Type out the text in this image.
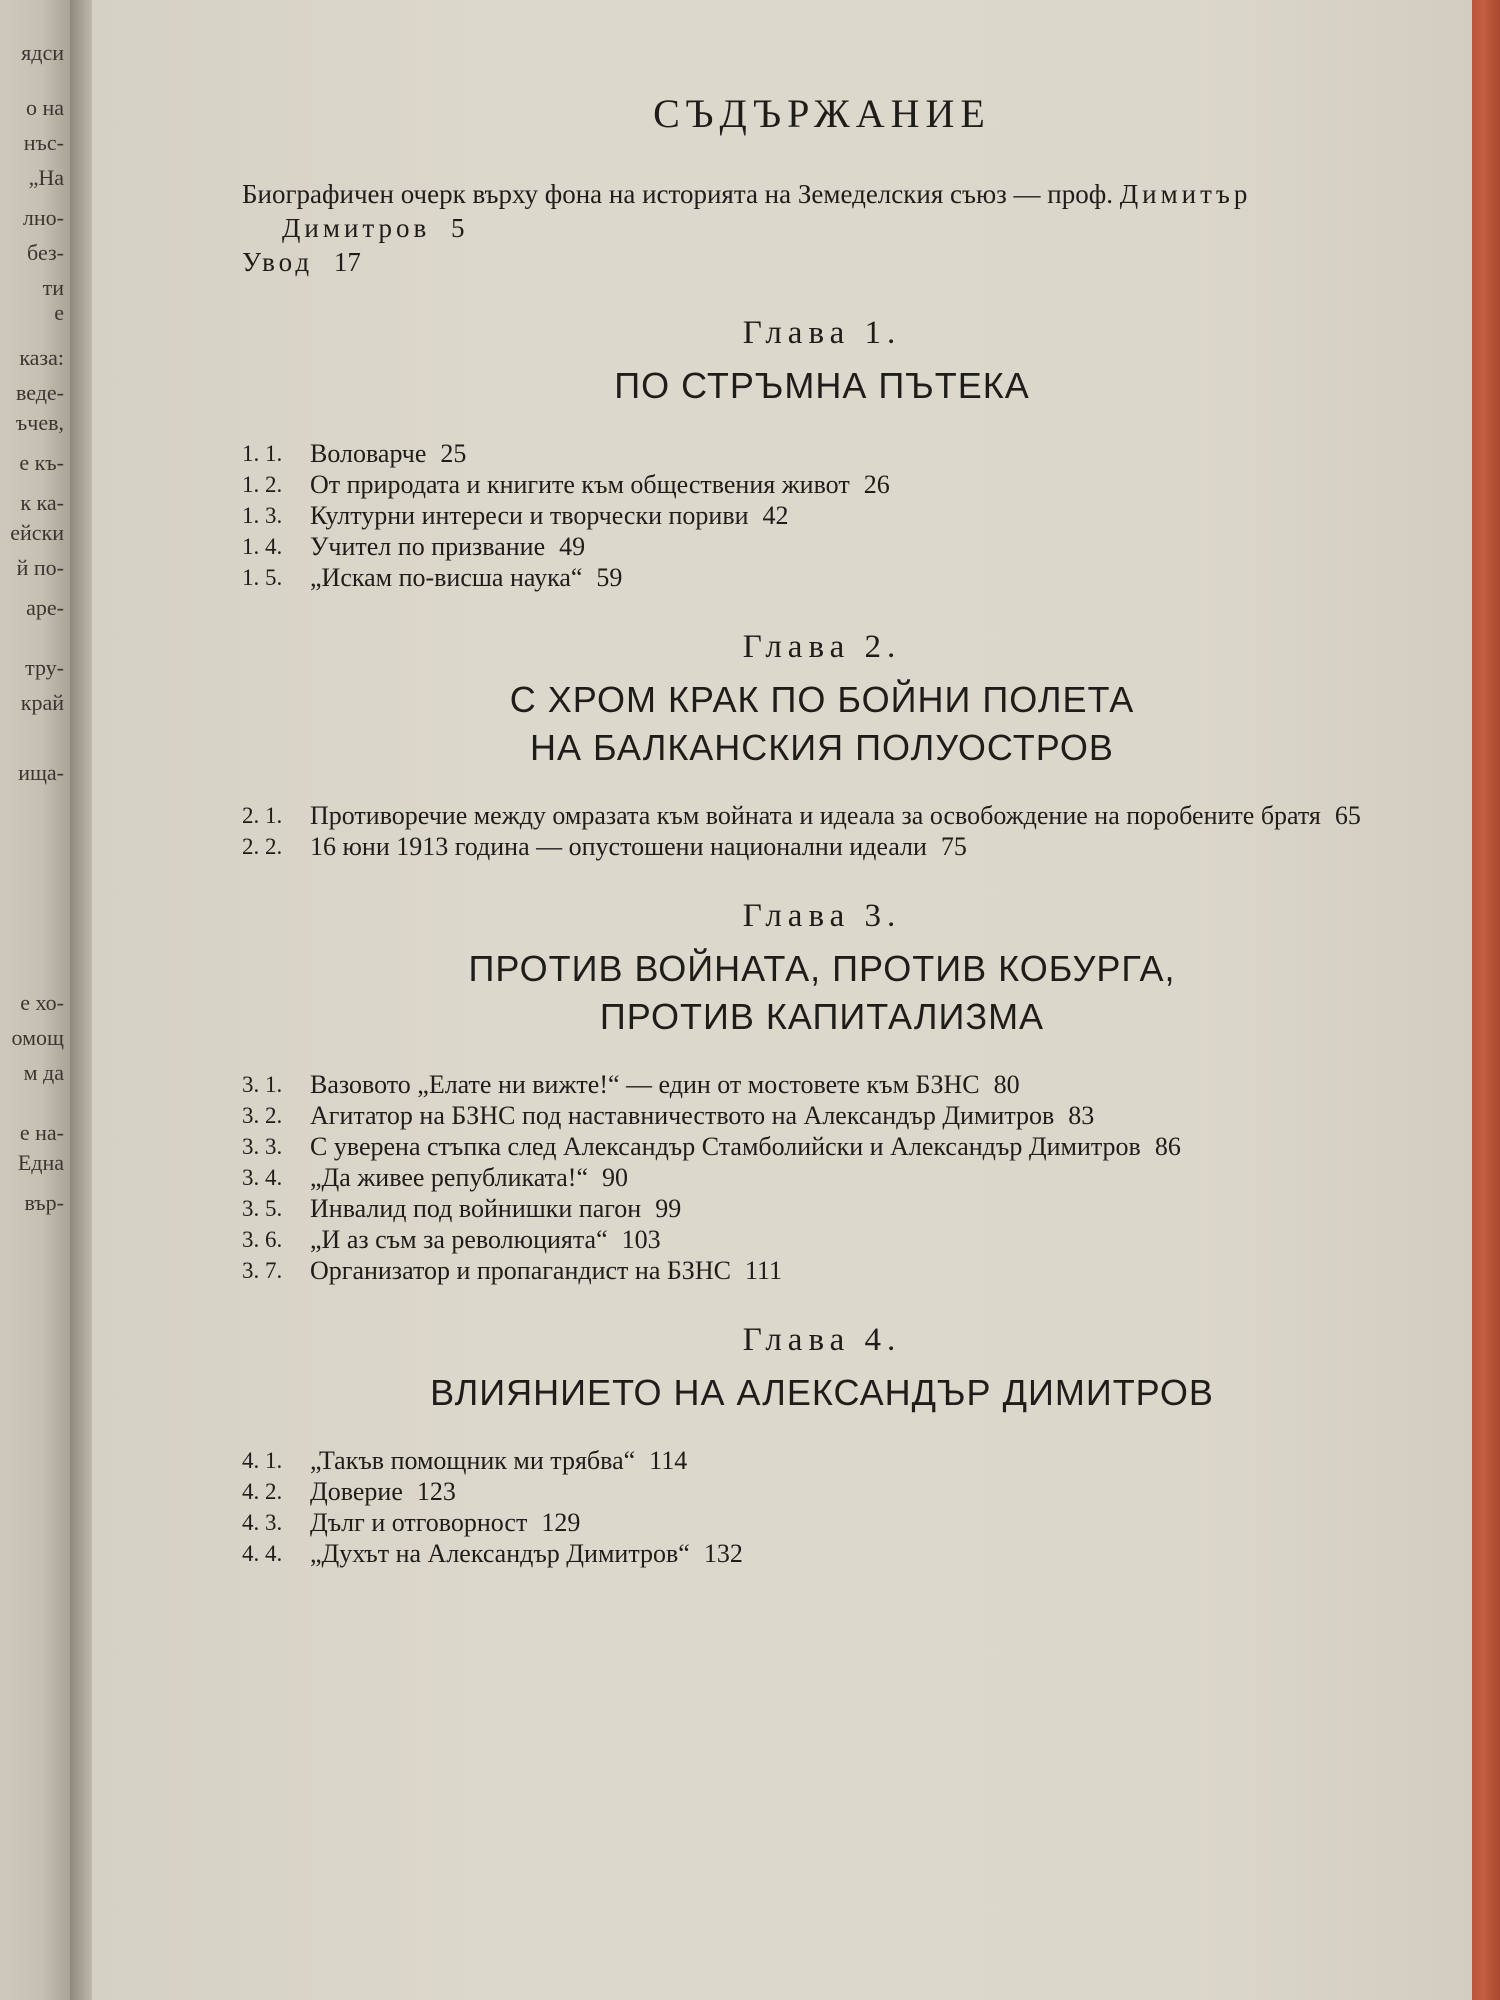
ядси
о на
нъс-
„На
лно-
без-
ти
е
каза:
веде-
ъчев,
е къ-
к ка-
ейски
й по-
аре-
тру-
край
ища-
е хо-
омощ
м да
е на-
Една
вър-
СЪДЪРЖАНИЕ
Биографичен очерк върху фона на историята на Земеделския съюз — проф. Димитър Димитров 5
Увод 17
Глава 1.
ПО СТРЪМНА ПЪТЕКА
1. 1.	Воловарче 25
1. 2.	От природата и книгите към обществения живот 26
1. 3.	Културни интереси и творчески пориви 42
1. 4.	Учител по призвание 49
1. 5.	„Искам по-висша наука“ 59
Глава 2.
С ХРОМ КРАК ПО БОЙНИ ПОЛЕТА
НА БАЛКАНСКИЯ ПОЛУОСТРОВ
2. 1.	Противоречие между омразата към войната и идеала за освобождение на поробените братя 65
2. 2.	16 юни 1913 година — опустошени национални идеали 75
Глава 3.
ПРОТИВ ВОЙНАТА, ПРОТИВ КОБУРГА,
ПРОТИВ КАПИТАЛИЗМА
3. 1.	Вазовото „Елате ни вижте!“ — един от мостовете към БЗНС 80
3. 2.	Агитатор на БЗНС под наставничеството на Александър Димитров 83
3. 3.	С уверена стъпка след Александър Стамболийски и Александър Димитров 86
3. 4.	„Да живее републиката!“ 90
3. 5.	Инвалид под войнишки пагон 99
3. 6.	„И аз съм за революцията“ 103
3. 7.	Организатор и пропагандист на БЗНС 111
Глава 4.
ВЛИЯНИЕТО НА АЛЕКСАНДЪР ДИМИТРОВ
4. 1.	„Такъв помощник ми трябва“ 114
4. 2.	Доверие 123
4. 3.	Дълг и отговорност 129
4. 4.	„Духът на Александър Димитров“ 132
